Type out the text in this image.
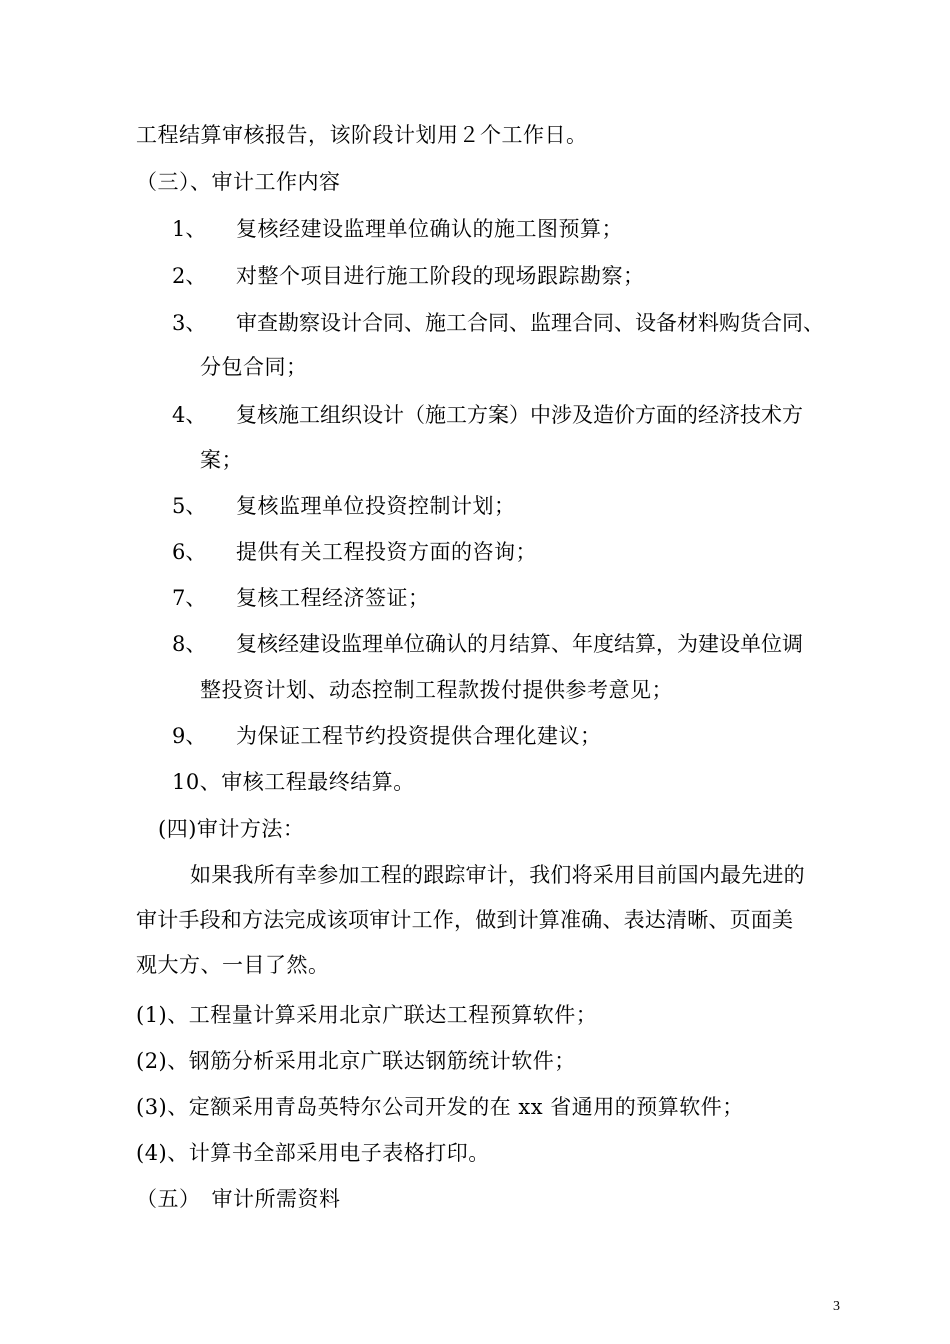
工程结算审核报告，该阶段计划用２个工作日。
（三）、审计工作内容
1、 复核经建设监理单位确认的施工图预算；
2、 对整个项目进行施工阶段的现场跟踪勘察；
3、 审查勘察设计合同、施工合同、监理合同、设备材料购货合同、
分包合同；
4、 复核施工组织设计（施工方案）中涉及造价方面的经济技术方
案；
5、 复核监理单位投资控制计划；
6、 提供有关工程投资方面的咨询；
7、 复核工程经济签证；
8、 复核经建设监理单位确认的月结算、年度结算，为建设单位调
整投资计划、动态控制工程款拨付提供参考意见；
9、 为保证工程节约投资提供合理化建议；
10、审核工程最终结算。
(四)审计方法：
如果我所有幸参加工程的跟踪审计，我们将采用目前国内最先进的
审计手段和方法完成该项审计工作，做到计算准确、表达清晰、页面美
观大方、一目了然。
(1)、工程量计算采用北京广联达工程预算软件；
(2)、钢筋分析采用北京广联达钢筋统计软件；
(3)、定额采用青岛英特尔公司开发的在 xx 省通用的预算软件；
(4)、计算书全部采用电子表格打印。
（五）　审计所需资料
3
